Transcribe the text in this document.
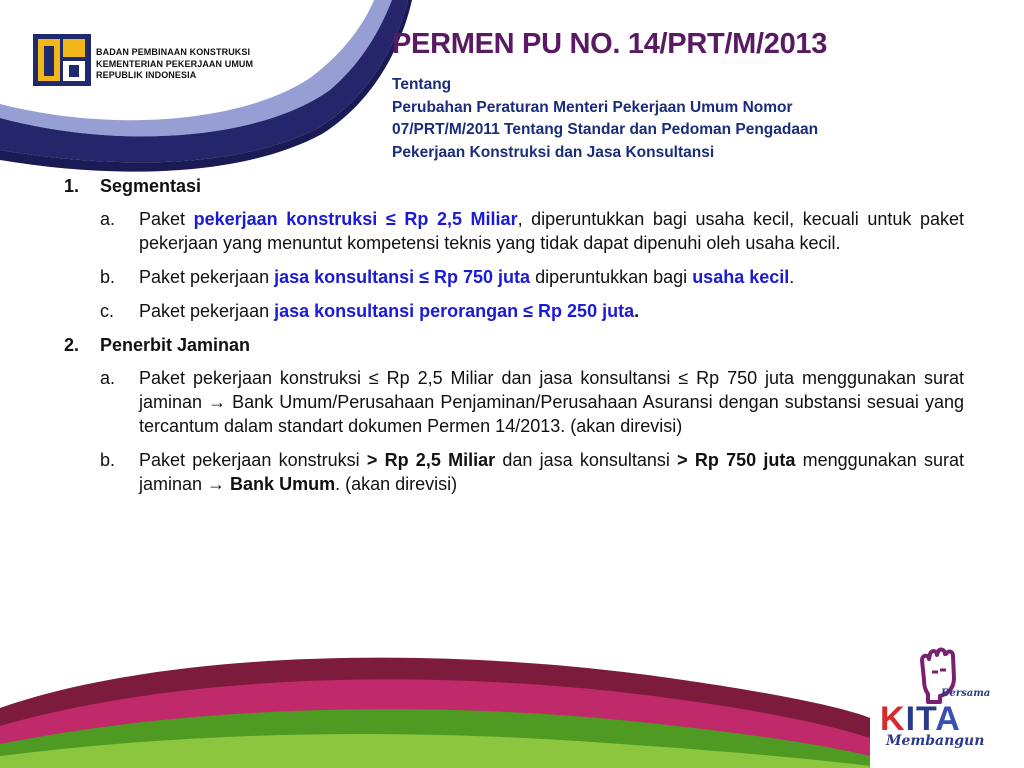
BADAN PEMBINAAN KONSTRUKSI
KEMENTERIAN PEKERJAAN UMUM
REPUBLIK INDONESIA
PERMEN PU NO. 14/PRT/M/2013
Tentang
Perubahan Peraturan Menteri Pekerjaan Umum Nomor
07/PRT/M/2011 Tentang Standar dan Pedoman Pengadaan
Pekerjaan Konstruksi dan Jasa Konsultansi
1. Segmentasi
a. Paket pekerjaan konstruksi ≤ Rp 2,5 Miliar, diperuntukkan bagi usaha kecil, kecuali untuk paket pekerjaan yang menuntut kompetensi teknis yang tidak dapat dipenuhi oleh usaha kecil.
b. Paket pekerjaan jasa konsultansi ≤ Rp 750 juta diperuntukkan bagi usaha kecil.
c. Paket pekerjaan jasa konsultansi perorangan ≤ Rp 250 juta.
2. Penerbit Jaminan
a. Paket pekerjaan konstruksi ≤ Rp 2,5 Miliar dan jasa konsultansi ≤ Rp 750 juta menggunakan surat jaminan → Bank Umum/Perusahaan Penjaminan/Perusahaan Asuransi dengan substansi sesuai yang tercantum dalam standart dokumen Permen 14/2013. (akan direvisi)
b. Paket pekerjaan konstruksi > Rp 2,5 Miliar dan jasa konsultansi > Rp 750 juta menggunakan surat jaminan → Bank Umum. (akan direvisi)
Bersama
KITA
Membangun
